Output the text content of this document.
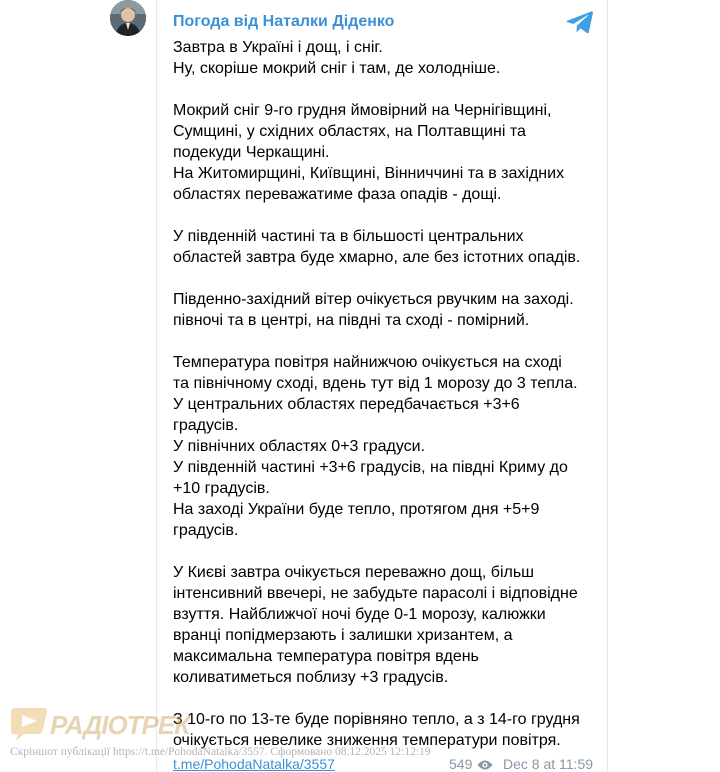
Погода від Наталки Діденко
Завтра в Україні і дощ, і сніг.
Ну, скоріше мокрий сніг і там, де холодніше.
Мокрий сніг 9-го грудня ймовірний на Чернігівщині,
Сумщині, у східних областях, на Полтавщині та
подекуди Черкащині.
На Житомирщині, Київщині, Вінниччині та в західних
областях переважатиме фаза опадів - дощі.
У південній частині та в більшості центральних
областей завтра буде хмарно, але без істотних опадів.
Південно-західний вітер очікується рвучким на заході.
півночі та в центрі, на півдні та сході - помірний.
Температура повітря найнижчою очікується на сході
та північному сході, вдень тут від 1 морозу до 3 тепла.
У центральних областях передбачається +3+6
градусів.
У північних областях 0+3 градуси.
У південній частині +3+6 градусів, на півдні Криму до
+10 градусів.
На заході України буде тепло, протягом дня +5+9
градусів.
У Києві завтра очікується переважно дощ, більш
інтенсивний ввечері, не забудьте парасолі і відповідне
взуття. Найближчої ночі буде 0-1 морозу, калюжки
вранці попідмерзають і залишки хризантем, а
максимальна температура повітря вдень
коливатиметься поблизу +3 градусів.
З 10-го по 13-те буде порівняно тепло, а з 14-го грудня
очікується невелике зниження температури повітря.
РАДІОТРЕК
Скріншот публікації https://t.me/PohodaNatalka/3557. Сформовано 08.12.2025 12:12:19
t.me/PohodaNatalka/3557	549 Dec 8 at 11:59
